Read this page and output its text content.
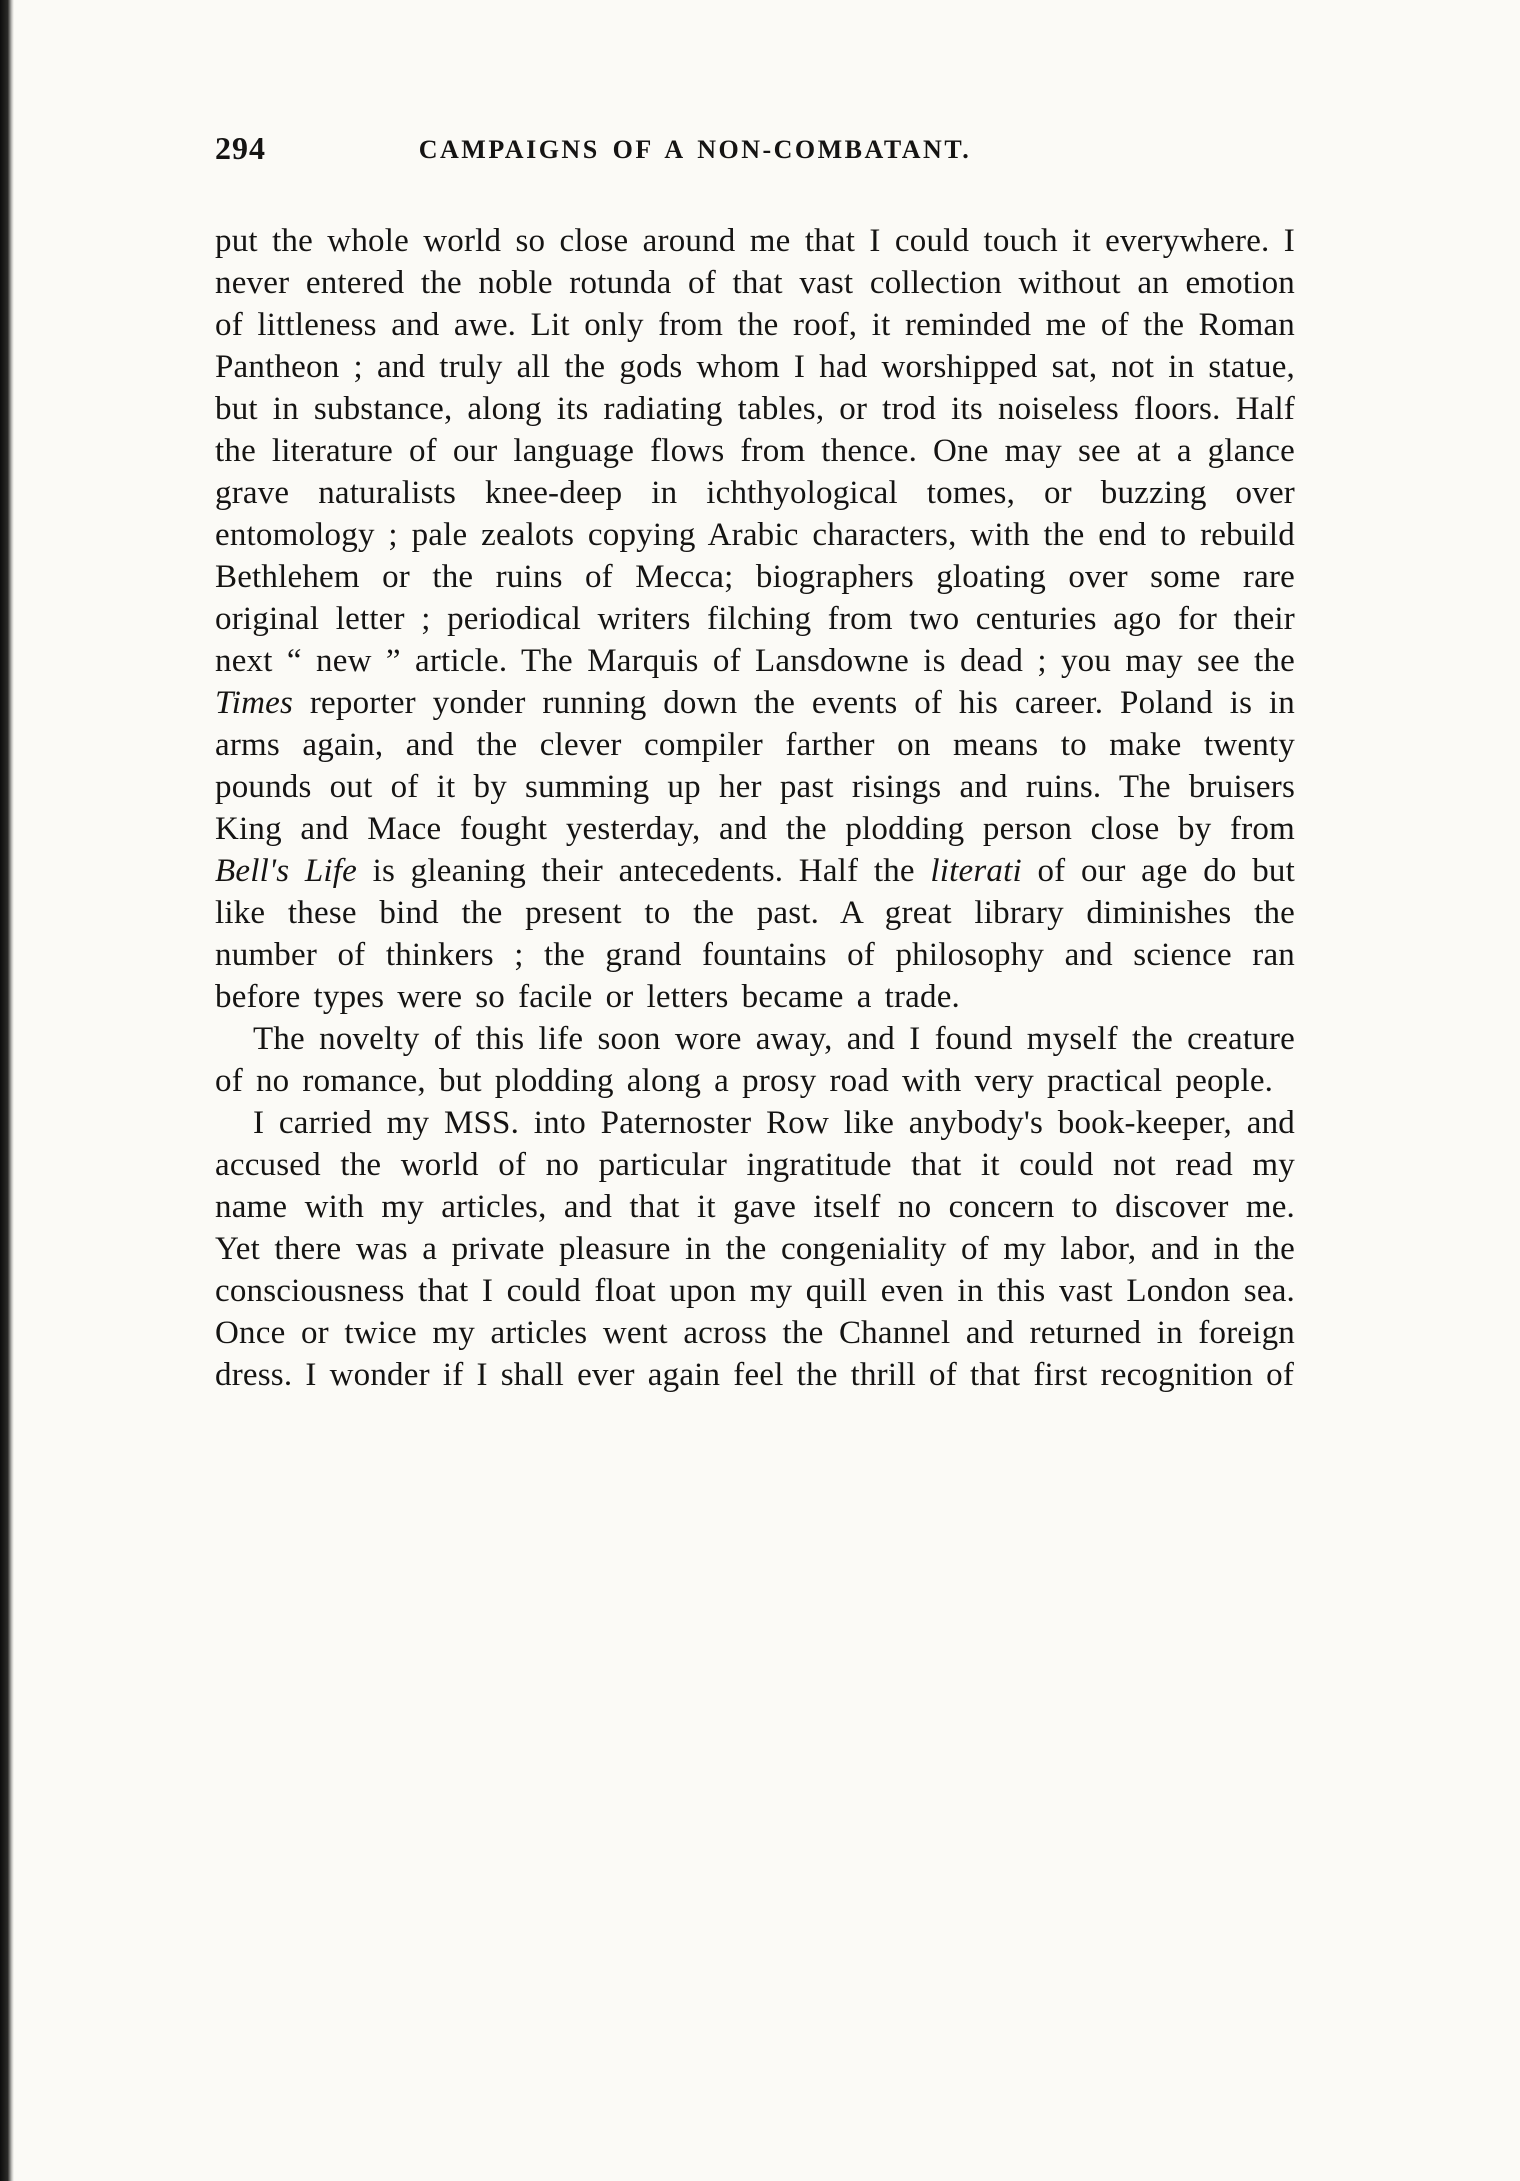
294	CAMPAIGNS OF A NON-COMBATANT.

put the whole world so close around me that I could touch it everywhere. I never entered the noble rotunda of that vast collection without an emotion of littleness and awe. Lit only from the roof, it reminded me of the Roman Pantheon ; and truly all the gods whom I had worshipped sat, not in statue, but in substance, along its radiating tables, or trod its noiseless floors. Half the literature of our language flows from thence. One may see at a glance grave naturalists knee-deep in ichthyological tomes, or buzzing over entomology ; pale zealots copying Arabic characters, with the end to rebuild Bethlehem or the ruins of Mecca; biographers gloating over some rare original letter ; periodical writers filching from two centuries ago for their next “ new ” article. The Marquis of Lansdowne is dead ; you may see the Times reporter yonder running down the events of his career. Poland is in arms again, and the clever compiler farther on means to make twenty pounds out of it by summing up her past risings and ruins. The bruisers King and Mace fought yesterday, and the plodding person close by from Bell's Life is gleaning their antecedents. Half the literati of our age do but like these bind the present to the past. A great library diminishes the number of thinkers ; the grand fountains of philosophy and science ran before types were so facile or letters became a trade.

The novelty of this life soon wore away, and I found myself the creature of no romance, but plodding along a prosy road with very practical people.

I carried my MSS. into Paternoster Row like anybody's book-keeper, and accused the world of no particular ingratitude that it could not read my name with my articles, and that it gave itself no concern to discover me. Yet there was a private pleasure in the congeniality of my labor, and in the consciousness that I could float upon my quill even in this vast London sea. Once or twice my articles went across the Channel and returned in foreign dress. I wonder if I shall ever again feel the thrill of that first recognition of
